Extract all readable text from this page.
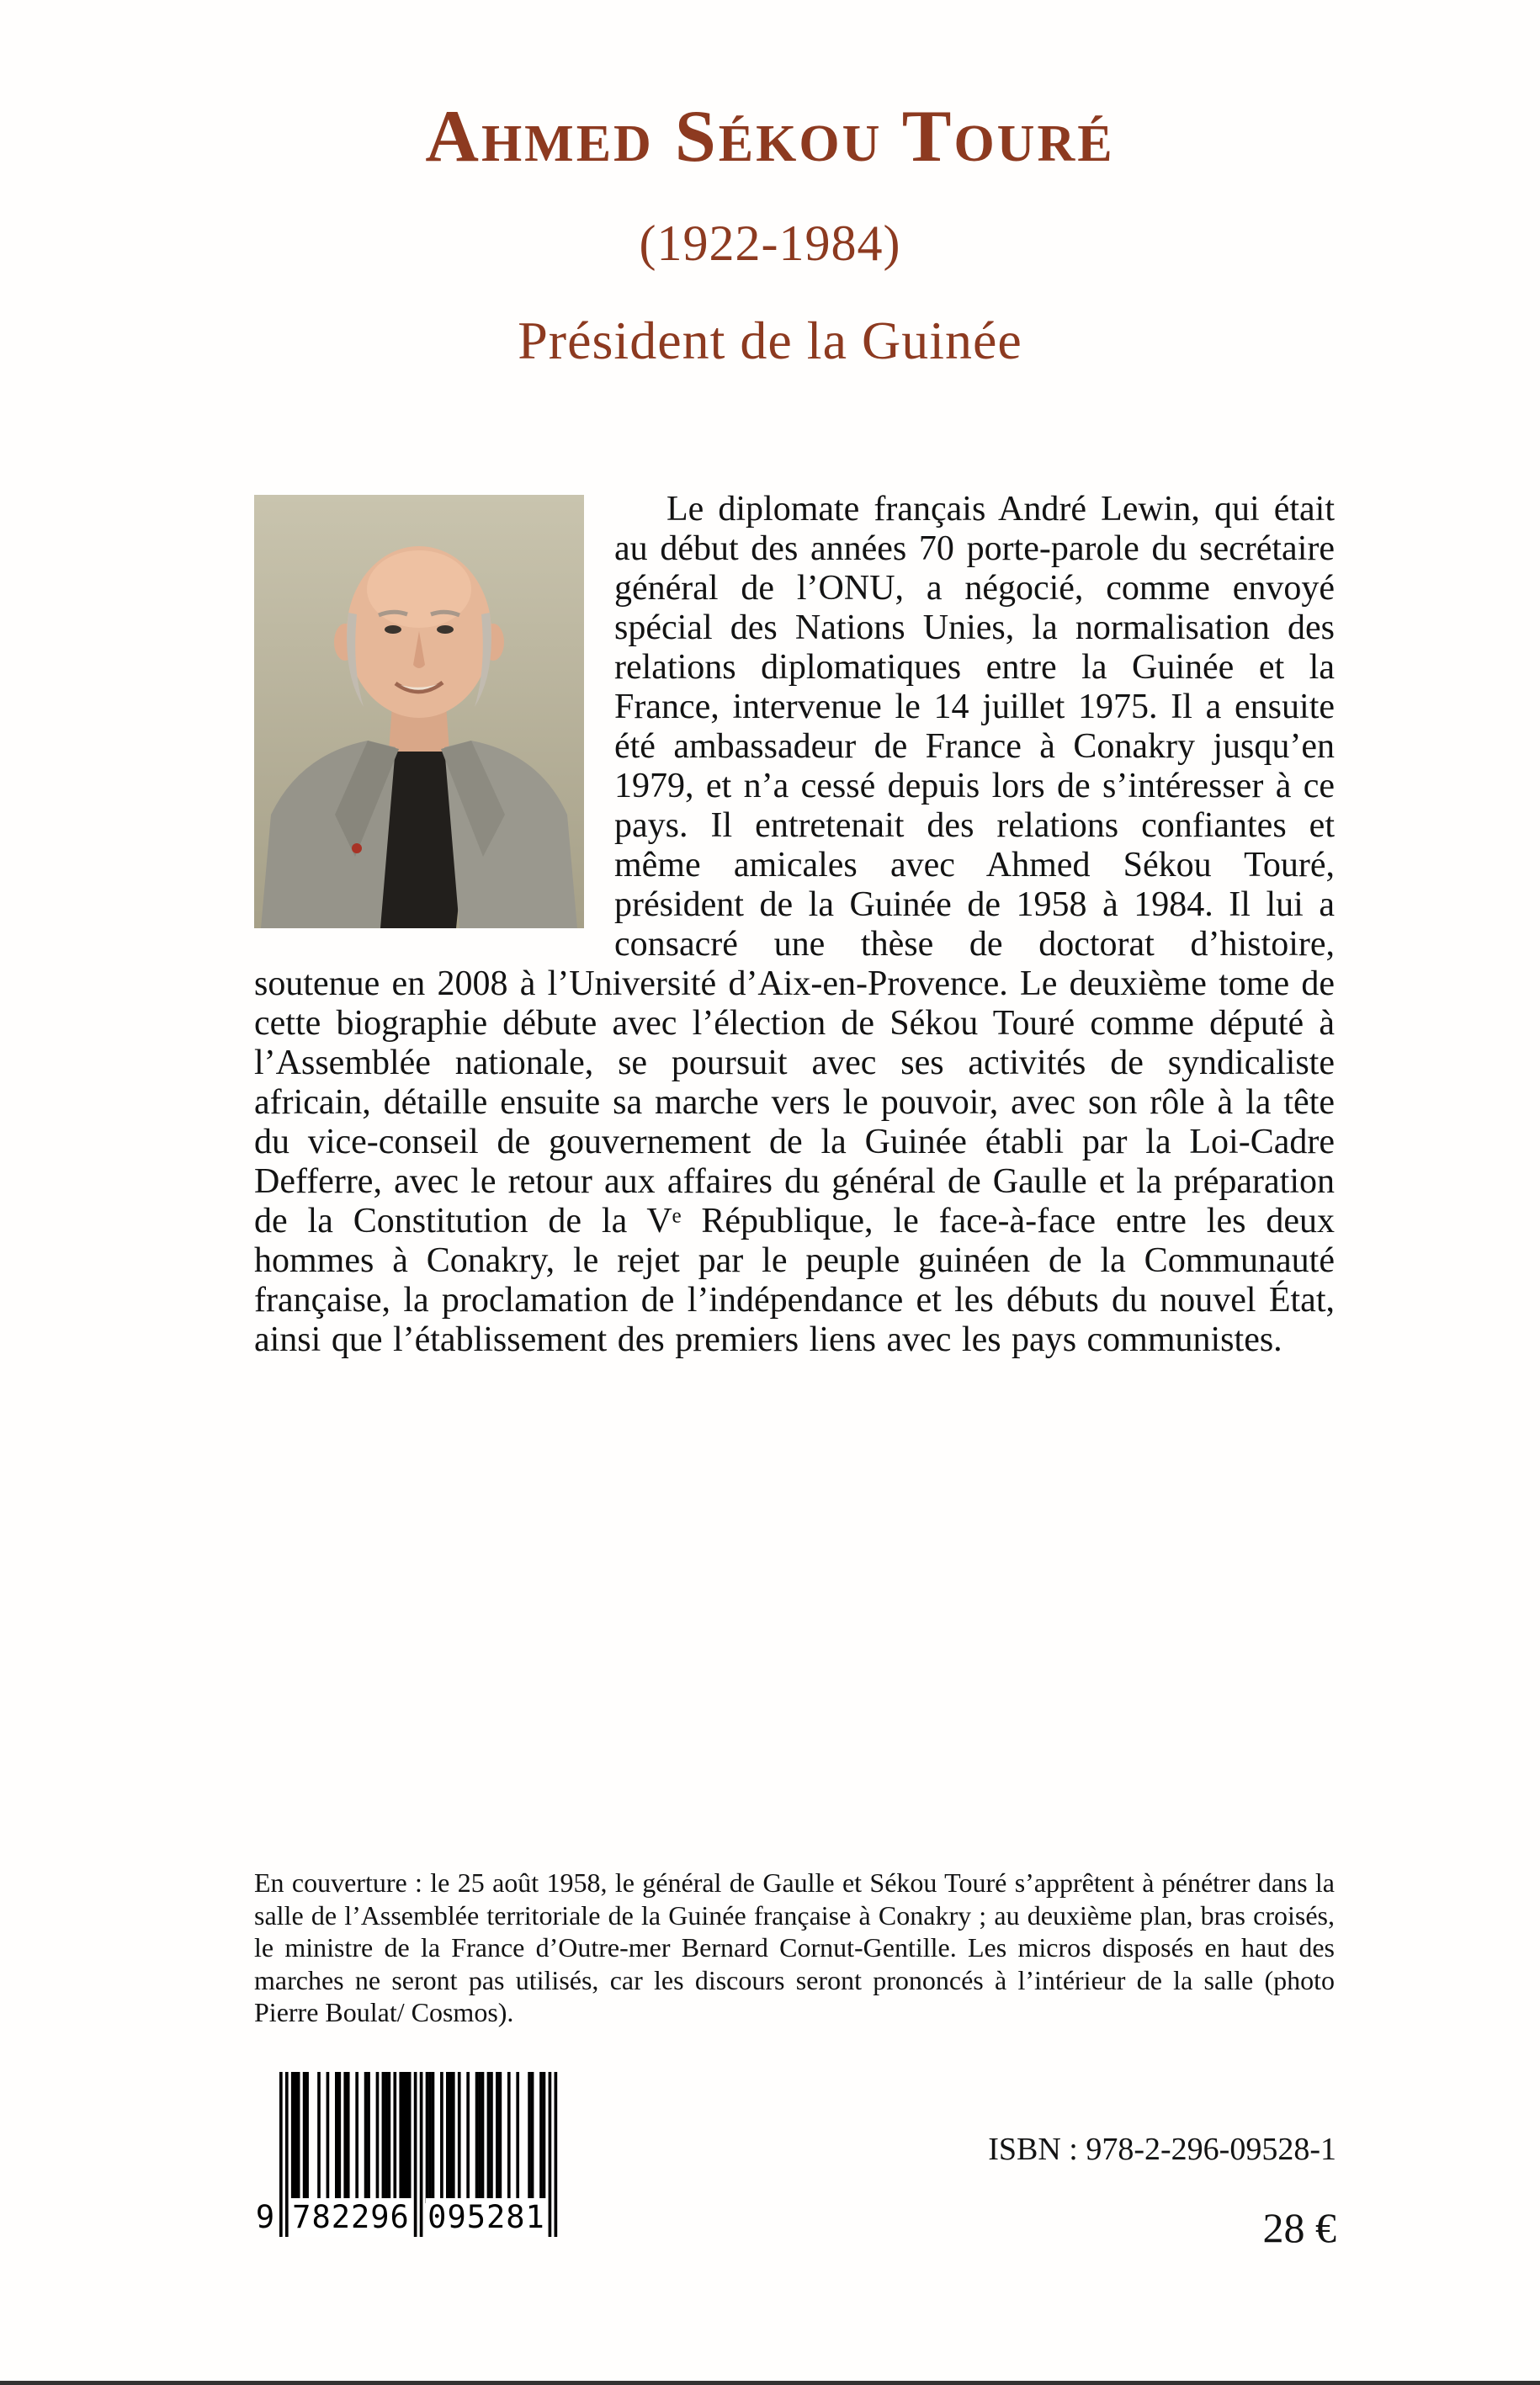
Ahmed Sékou Touré
(1922-1984)
Président de la Guinée

Le diplomate français André Lewin, qui était au début des années 70 porte-parole du secrétaire général de l’ONU, a négocié, comme envoyé spécial des Nations Unies, la normalisation des relations diplomatiques entre la Guinée et la France, intervenue le 14 juillet 1975. Il a ensuite été ambassadeur de France à Conakry jusqu’en 1979, et n’a cessé depuis lors de s’intéresser à ce pays. Il entretenait des relations confiantes et même amicales avec Ahmed Sékou Touré, président de la Guinée de 1958 à 1984. Il lui a consacré une thèse de doctorat d’histoire, soutenue en 2008 à l’Université d’Aix-en-Provence. Le deuxième tome de cette biographie débute avec l’élection de Sékou Touré comme député à l’Assemblée nationale, se poursuit avec ses activités de syndicaliste africain, détaille ensuite sa marche vers le pouvoir, avec son rôle à la tête du vice-conseil de gouvernement de la Guinée établi par la Loi-Cadre Defferre, avec le retour aux affaires du général de Gaulle et la préparation de la Constitution de la Vᵉ République, le face-à-face entre les deux hommes à Conakry, le rejet par le peuple guinéen de la Communauté française, la proclamation de l’indépendance et les débuts du nouvel État, ainsi que l’établissement des premiers liens avec les pays communistes.

En couverture : le 25 août 1958, le général de Gaulle et Sékou Touré s’apprêtent à pénétrer dans la salle de l’Assemblée territoriale de la Guinée française à Conakry ; au deuxième plan, bras croisés, le ministre de la France d’Outre-mer Bernard Cornut-Gentille. Les micros disposés en haut des marches ne seront pas utilisés, car les discours seront prononcés à l’intérieur de la salle (photo Pierre Boulat/ Cosmos).
9 782296 095281
ISBN : 978-2-296-09528-1
28 €
